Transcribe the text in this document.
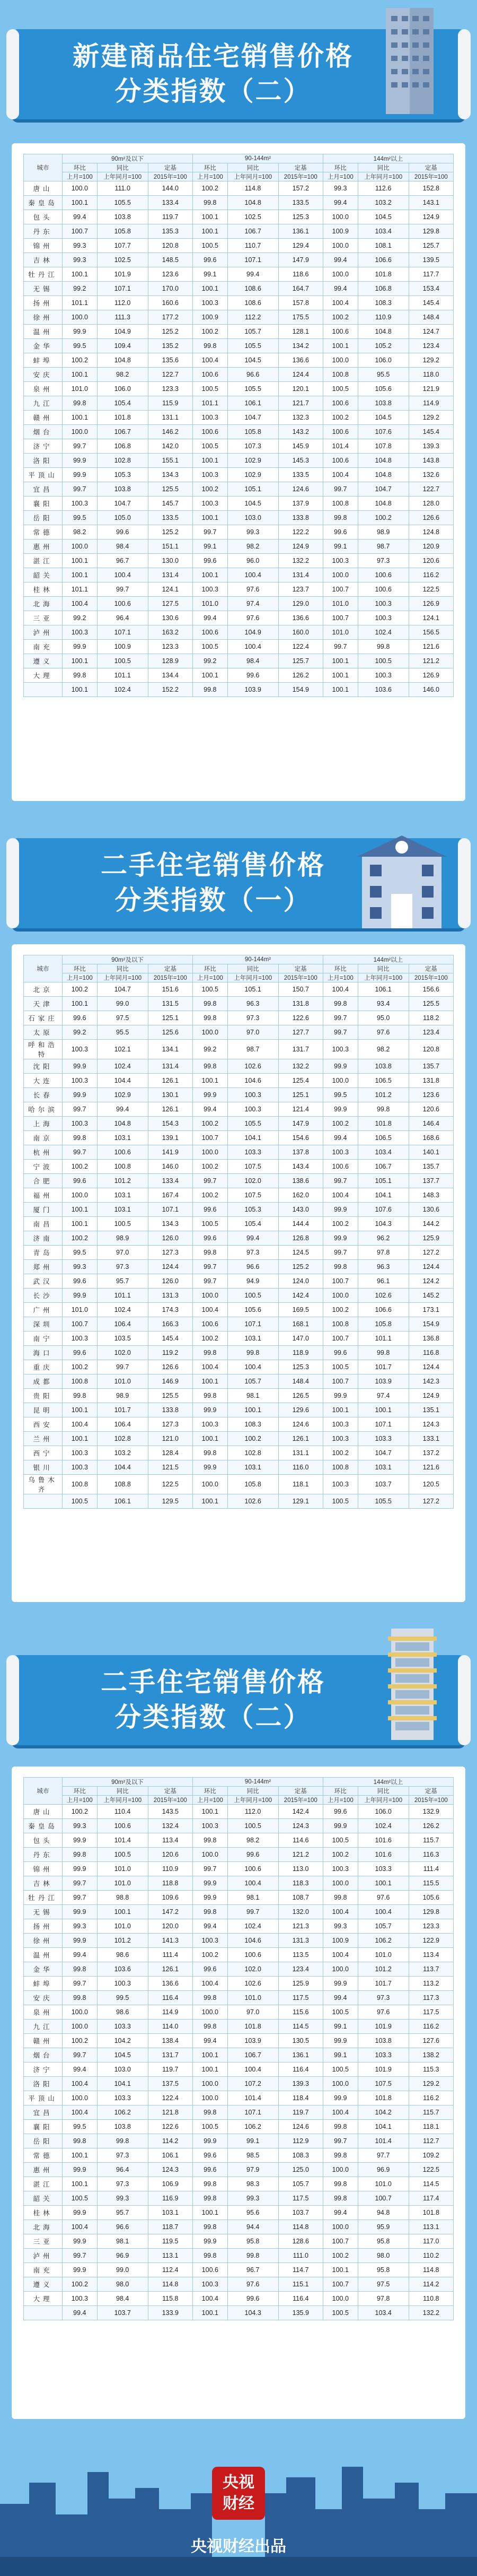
新建商品住宅销售价格
分类指数（二）
城市	90m²及以下			90-144m²			144m²以上		
	环比	同比	定基	环比	同比	定基	环比	同比	定基
	上月=100	上年同月=100	2015年=100	上月=100	上年同月=100	2015年=100	上月=100	上年同月=100	2015年=100
唐山	100.0	111.0	144.0	100.2	114.8	157.2	99.3	112.6	152.8
秦皇岛	100.1	105.5	133.4	99.8	104.8	133.5	99.4	103.2	143.1
包头	99.4	103.8	119.7	100.1	102.5	125.3	100.0	104.5	124.9
丹东	100.7	105.8	135.3	100.1	106.7	136.1	100.9	103.4	129.8
锦州	99.3	107.7	120.8	100.5	110.7	129.4	100.0	108.1	125.7
吉林	99.3	102.5	148.5	99.6	107.1	147.9	99.4	106.6	139.5
牡丹江	100.1	101.9	123.6	99.1	99.4	118.6	100.0	101.8	117.7
无锡	99.2	107.1	170.0	100.1	108.6	164.7	99.4	106.8	153.4
扬州	101.1	112.0	160.6	100.3	108.6	157.8	100.4	108.3	145.4
徐州	100.0	111.3	177.2	100.9	112.2	175.5	100.2	110.9	148.4
温州	99.9	104.9	125.2	100.2	105.7	128.1	100.6	104.8	124.7
金华	99.5	109.4	135.2	99.8	105.5	134.2	100.1	105.2	123.4
蚌埠	100.2	104.8	135.6	100.4	104.5	136.6	100.0	106.0	129.2
安庆	100.1	98.2	122.7	100.6	96.6	124.4	100.8	95.5	118.0
泉州	101.0	106.0	123.3	100.5	105.5	120.1	100.5	105.6	121.9
九江	99.8	105.4	115.9	101.1	106.1	121.7	100.6	103.8	114.9
赣州	100.1	101.8	131.1	100.3	104.7	132.3	100.2	104.5	129.2
烟台	100.0	106.7	146.2	100.6	105.8	143.2	100.6	107.6	145.4
济宁	99.7	106.8	142.0	100.5	107.3	145.9	101.4	107.8	139.3
洛阳	99.9	102.8	155.1	100.1	102.9	145.3	100.6	104.8	143.8
平顶山	99.9	105.3	134.3	100.3	102.9	133.5	100.4	104.8	132.6
宜昌	99.7	103.8	125.5	100.2	105.1	124.6	99.7	104.7	122.7
襄阳	100.3	104.7	145.7	100.3	104.5	137.9	100.8	104.8	128.0
岳阳	99.5	105.0	133.5	100.1	103.0	133.8	99.8	100.2	126.6
常德	98.2	99.6	125.2	99.7	99.3	122.2	99.6	98.9	124.8
惠州	100.0	98.4	151.1	99.1	98.2	124.9	99.1	98.7	120.9
湛江	100.1	96.7	130.0	99.6	96.0	132.2	100.3	97.3	120.6
韶关	100.1	100.4	131.4	100.1	100.4	131.4	100.0	100.6	116.2
桂林	101.1	99.7	124.1	100.3	97.6	123.7	100.7	100.6	122.5
北海	100.4	100.6	127.5	101.0	97.4	129.0	101.0	100.3	126.9
三亚	99.2	96.4	130.6	99.4	97.6	136.6	100.7	100.3	124.1
泸州	100.3	107.1	163.2	100.6	104.9	160.0	101.0	102.4	156.5
南充	99.9	100.9	123.3	100.5	100.4	122.4	99.7	99.8	121.6
遵义	100.1	100.5	128.9	99.2	98.4	125.7	100.1	100.5	121.2
大理	99.8	101.1	134.4	100.1	99.6	126.2	100.1	100.3	126.9
	100.1	102.4	152.2	99.8	103.9	154.9	100.1	103.6	146.0
二手住宅销售价格
分类指数（一）
城市	90m²及以下			90-144m²			144m²以上		
	环比	同比	定基	环比	同比	定基	环比	同比	定基
	上月=100	上年同月=100	2015年=100	上月=100	上年同月=100	2015年=100	上月=100	上年同月=100	2015年=100
北京	100.2	104.7	151.6	100.5	105.1	150.7	100.4	106.1	156.6
天津	100.1	99.0	131.5	99.8	96.3	131.8	99.8	93.4	125.5
石家庄	99.6	97.5	125.1	99.8	97.3	122.6	99.7	95.0	118.2
太原	99.2	95.5	125.6	100.0	97.0	127.7	99.7	97.6	123.4
呼和浩特	100.3	102.1	134.1	99.2	98.7	131.7	100.3	98.2	120.8
沈阳	99.9	102.4	131.4	99.8	102.6	132.2	99.9	103.8	135.7
大连	100.3	104.4	126.1	100.1	104.6	125.4	100.0	106.5	131.8
长春	99.9	102.9	130.1	99.9	100.3	125.1	99.5	101.2	123.6
哈尔滨	99.7	99.4	126.1	99.4	100.3	121.4	99.9	99.8	120.6
上海	100.3	104.8	154.3	100.2	105.5	147.9	100.2	101.8	146.4
南京	99.8	103.1	139.1	100.7	104.1	154.6	99.4	106.5	168.6
杭州	99.7	100.6	141.9	100.0	103.3	137.8	100.3	103.4	140.1
宁波	100.2	100.8	146.0	100.2	107.5	143.4	100.6	106.7	135.7
合肥	99.6	101.2	133.4	99.7	102.0	138.6	99.7	105.1	137.7
福州	100.0	103.1	167.4	100.2	107.5	162.0	100.4	104.1	148.3
厦门	100.1	103.1	107.1	99.6	105.3	143.0	99.9	107.6	130.6
南昌	100.1	100.5	134.3	100.5	105.4	144.4	100.2	104.3	144.2
济南	100.2	98.9	126.0	99.6	99.4	126.8	99.9	96.2	125.9
青岛	99.5	97.0	127.3	99.8	97.3	124.5	99.7	97.8	127.2
郑州	99.3	97.3	124.4	99.7	96.6	125.2	99.8	96.3	124.4
武汉	99.6	95.7	126.0	99.7	94.9	124.0	100.7	96.1	124.2
长沙	99.9	101.1	131.3	100.0	100.5	142.4	100.0	102.6	145.2
广州	101.0	102.4	174.3	100.4	105.6	169.5	100.2	106.6	173.1
深圳	100.7	106.4	166.3	100.6	107.1	168.1	100.8	105.8	154.9
南宁	100.3	103.5	145.4	100.2	103.1	147.0	100.7	101.1	136.8
海口	99.6	102.0	119.2	99.8	99.8	118.9	99.6	99.8	116.8
重庆	100.2	99.7	126.6	100.4	100.4	125.3	100.5	101.7	124.4
成都	100.8	101.0	146.9	100.1	105.7	148.4	100.7	103.9	142.3
贵阳	99.8	98.9	125.5	99.8	98.1	126.5	99.9	97.4	124.9
昆明	100.1	101.7	133.8	99.9	100.1	129.6	100.1	100.1	135.1
西安	100.4	106.4	127.3	100.3	108.3	124.6	100.3	107.1	124.3
兰州	100.1	102.8	121.0	100.1	100.2	126.1	100.3	103.3	133.1
西宁	100.3	103.2	128.4	99.8	102.8	131.1	100.2	104.7	137.2
银川	100.3	104.4	121.5	99.9	103.1	116.0	100.8	103.1	121.6
乌鲁木齐	100.8	108.8	122.5	100.0	105.8	118.1	100.3	103.7	120.5
	100.5	106.1	129.5	100.1	102.6	129.1	100.5	105.5	127.2
二手住宅销售价格
分类指数（二）
城市	90m²及以下			90-144m²			144m²以上		
	环比	同比	定基	环比	同比	定基	环比	同比	定基
	上月=100	上年同月=100	2015年=100	上月=100	上年同月=100	2015年=100	上月=100	上年同月=100	2015年=100
唐山	100.2	110.4	143.5	100.1	112.0	142.4	99.6	106.0	132.9
秦皇岛	99.3	100.6	132.4	100.3	100.5	124.3	99.9	102.4	126.2
包头	99.9	101.4	113.4	99.8	98.2	114.6	100.5	101.6	115.7
丹东	99.8	100.5	120.6	100.0	99.6	121.2	100.2	101.6	116.3
锦州	99.9	101.0	110.9	99.7	100.6	113.0	100.3	103.3	111.4
吉林	99.7	101.0	118.8	99.9	100.4	118.3	100.0	100.1	115.5
牡丹江	99.7	98.8	109.6	99.9	98.1	108.7	99.8	97.6	105.6
无锡	99.9	100.1	147.2	99.8	99.7	132.0	100.4	100.4	129.8
扬州	99.3	101.0	120.0	99.4	102.4	121.3	99.3	105.7	123.3
徐州	99.9	101.2	141.3	100.3	104.6	131.3	100.9	106.2	122.9
温州	99.4	98.6	111.4	100.2	100.6	113.5	100.4	101.0	113.4
金华	99.8	103.6	126.1	99.6	102.0	123.4	100.0	101.2	113.7
蚌埠	99.7	100.3	136.6	100.4	102.6	125.9	99.9	101.7	113.2
安庆	99.8	99.5	116.4	99.8	101.0	117.5	99.4	97.3	117.3
泉州	100.0	98.6	114.9	100.0	97.0	115.6	100.5	97.6	117.5
九江	100.0	103.3	114.0	99.8	101.8	114.5	99.1	101.9	116.2
赣州	100.2	104.2	138.4	99.4	103.9	130.5	99.9	103.8	127.6
烟台	99.7	104.5	131.7	100.1	106.7	136.1	99.1	103.3	138.2
济宁	99.4	103.0	119.7	100.1	100.4	116.4	100.5	101.9	115.3
洛阳	100.4	104.1	137.5	100.0	107.2	139.3	100.0	107.5	129.2
平顶山	100.0	103.3	122.4	100.0	101.4	118.4	99.9	101.8	116.2
宜昌	100.4	106.2	121.8	99.8	107.1	119.7	100.4	104.2	115.7
襄阳	99.5	103.8	122.6	100.5	106.2	124.6	99.8	104.1	118.1
岳阳	99.8	99.8	114.2	99.9	99.1	112.9	99.7	101.4	112.7
常德	100.1	97.3	106.1	99.6	98.5	108.3	99.8	97.7	109.2
惠州	99.9	96.4	124.3	99.6	97.9	125.0	100.0	96.9	122.5
湛江	100.1	97.3	106.9	99.8	98.3	105.7	99.8	101.0	114.5
韶关	100.5	99.3	116.9	99.8	99.3	117.5	99.8	100.7	117.4
桂林	99.9	95.7	103.1	100.1	95.6	103.7	99.4	94.8	101.8
北海	100.4	96.6	118.7	99.8	94.4	114.8	100.0	95.9	113.1
三亚	99.9	98.1	119.5	99.9	95.8	128.6	100.7	95.8	117.0
泸州	99.7	96.9	113.1	99.8	99.8	111.0	100.2	98.0	110.2
南充	99.9	99.0	112.4	100.6	96.7	114.7	100.1	95.8	114.8
遵义	100.2	98.0	114.8	100.3	97.6	115.1	100.7	97.5	114.2
大理	100.3	98.4	115.8	100.4	99.6	116.4	100.0	97.8	110.8
	99.4	103.7	133.9	100.1	104.3	135.9	100.5	103.4	132.2
央视
财经
央视财经出品
